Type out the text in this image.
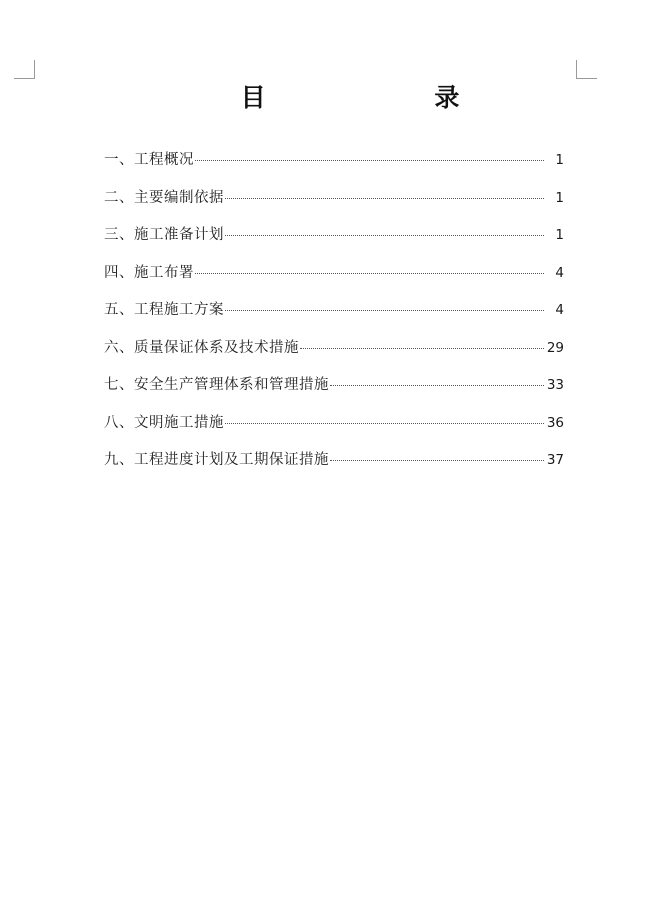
目 录
一、工程概况	1
二、主要编制依据	1
三、施工准备计划	1
四、施工布署	4
五、工程施工方案	4
六、质量保证体系及技术措施	29
七、安全生产管理体系和管理措施	33
八、文明施工措施	36
九、工程进度计划及工期保证措施	37
